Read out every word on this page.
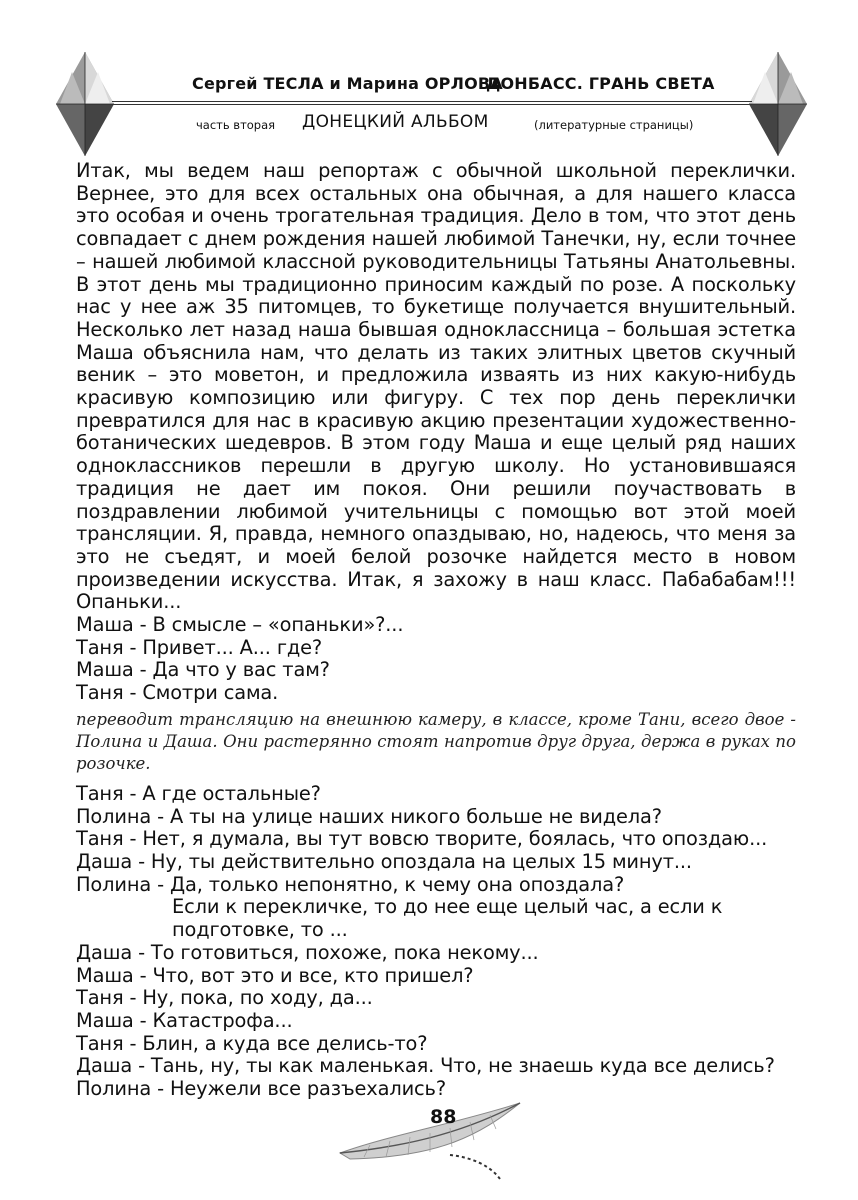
Сергей ТЕСЛА и Марина ОРЛОВА
ДОНБАСС. ГРАНЬ СВЕТА
часть вторая ДОНЕЦКИЙ АЛЬБОМ	(литературные страницы)

Итак, мы ведем наш репортаж с обычной школьной переклички. Вернее, это для всех остальных она обычная, а для нашего класса это особая и очень трогательная традиция. Дело в том, что этот день совпадает с днем рождения нашей любимой Танечки, ну, если точнее – нашей любимой классной руководительницы Татьяны Анатольевны. В этот день мы традиционно приносим каждый по розе. А поскольку нас у нее аж 35 питомцев, то букетище получается внушительный. Несколько лет назад наша бывшая одноклассница – большая эстетка Маша объяснила нам, что делать из таких элитных цветов скучный веник – это моветон, и предложила изваять из них какую-нибудь красивую композицию или фигуру. С тех пор день переклички превратился для нас в красивую акцию презентации художественно-ботанических шедевров. В этом году Маша и еще целый ряд наших одноклассников перешли в другую школу. Но установившаяся традиция не дает им покоя. Они решили поучаствовать в поздравлении любимой учительницы с помощью вот этой моей трансляции. Я, правда, немного опаздываю, но, надеюсь, что меня за это не съедят, и моей белой розочке найдется место в новом произведении искусства. Итак, я захожу в наш класс. Пабабабам!!! Опаньки...

Маша - В смысле – «опаньки»?...
Таня - Привет... А... где?
Маша - Да что у вас там?
Таня - Смотри сама.

переводит трансляцию на внешнюю камеру, в классе, кроме Тани, всего двое - Полина и Даша. Они растерянно стоят напротив друг друга, держа в руках по розочке.

Таня - А где остальные?
Полина - А ты на улице наших никого больше не видела?
Таня - Нет, я думала, вы тут вовсю творите, боялась, что опоздаю...
Даша - Ну, ты действительно опоздала на целых 15 минут...
Полина - Да, только непонятно, к чему она опоздала?
Если к перекличке, то до нее еще целый час, а если к подготовке, то ...
Даша - То готовиться, похоже, пока некому...
Маша - Что, вот это и все, кто пришел?
Таня - Ну, пока, по ходу, да...
Маша - Катастрофа...
Таня - Блин, а куда все делись-то?
Даша - Тань, ну, ты как маленькая. Что, не знаешь куда все делись?
Полина - Неужели все разъехались?
88
